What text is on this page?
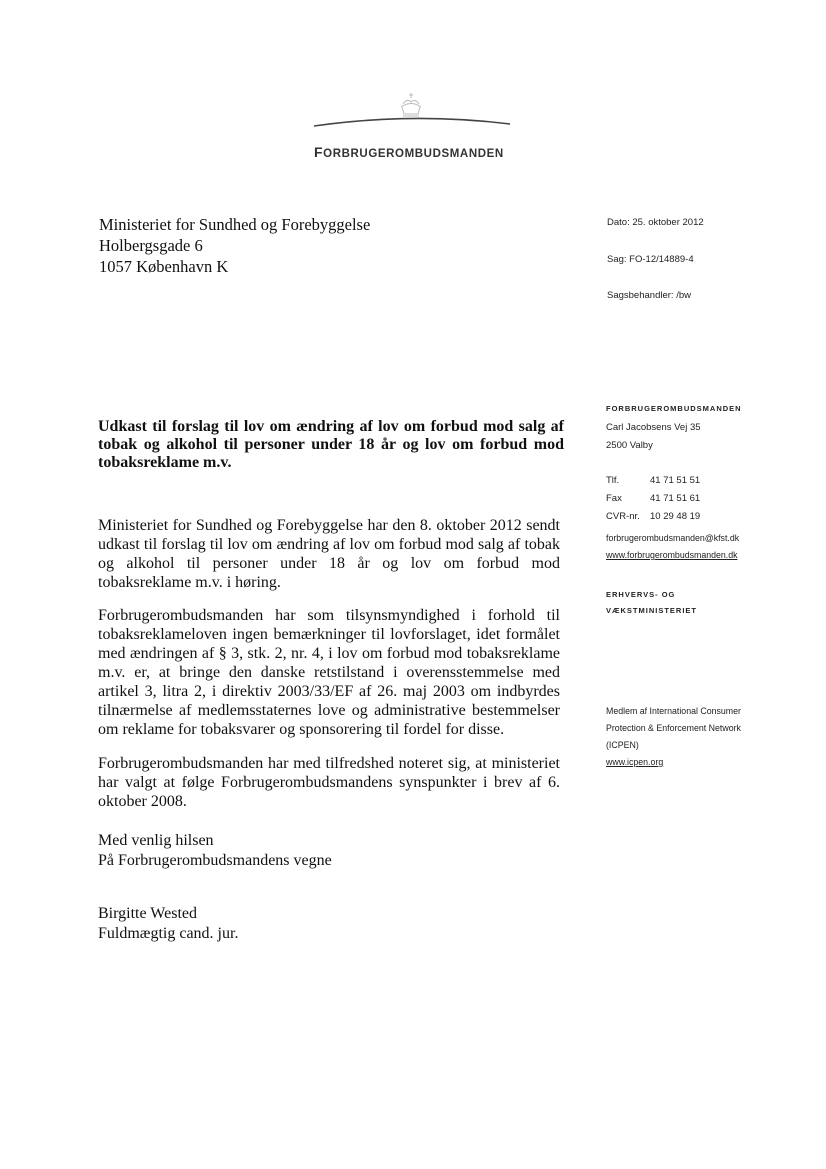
FORBRUGEROMBUDSMANDEN
Ministeriet for Sundhed og Forebyggelse
Holbergsgade 6
1057 København K
Dato: 25. oktober 2012
Sag: FO-12/14889-4
Sagsbehandler: /bw
Udkast til forslag til lov om ændring af lov om forbud mod salg af tobak og alkohol til personer under 18 år og lov om forbud mod tobaksreklame m.v.
Ministeriet for Sundhed og Forebyggelse har den 8. oktober 2012 sendt udkast til forslag til lov om ændring af lov om forbud mod salg af tobak og alkohol til personer under 18 år og lov om forbud mod tobaksreklame m.v. i høring.
Forbrugerombudsmanden har som tilsynsmyndighed i forhold til tobaksreklameloven ingen bemærkninger til lovforslaget, idet formålet med ændringen af § 3, stk. 2, nr. 4, i lov om forbud mod tobaksreklame m.v. er, at bringe den danske retstilstand i overensstemmelse med artikel 3, litra 2, i direktiv 2003/33/EF af 26. maj 2003 om indbyrdes tilnærmelse af medlemsstaternes love og administrative bestemmelser om reklame for tobaksvarer og sponsorering til fordel for disse.
Forbrugerombudsmanden har med tilfredshed noteret sig, at ministeriet har valgt at følge Forbrugerombudsmandens synspunkter i brev af 6. oktober 2008.
Med venlig hilsen
På Forbrugerombudsmandens vegne
Birgitte Wested
Fuldmægtig cand. jur.
FORBRUGEROMBUDSMANDEN
Carl Jacobsens Vej 35
2500 Valby
Tlf.	41 71 51 51
Fax	41 71 51 61
CVR-nr.	10 29 48 19
forbrugerombudsmanden@kfst.dk
www.forbrugerombudsmanden.dk
ERHVERVS- OG
VÆKSTMINISTERIET
Medlem af International Consumer
Protection & Enforcement Network
(ICPEN)
www.icpen.org
